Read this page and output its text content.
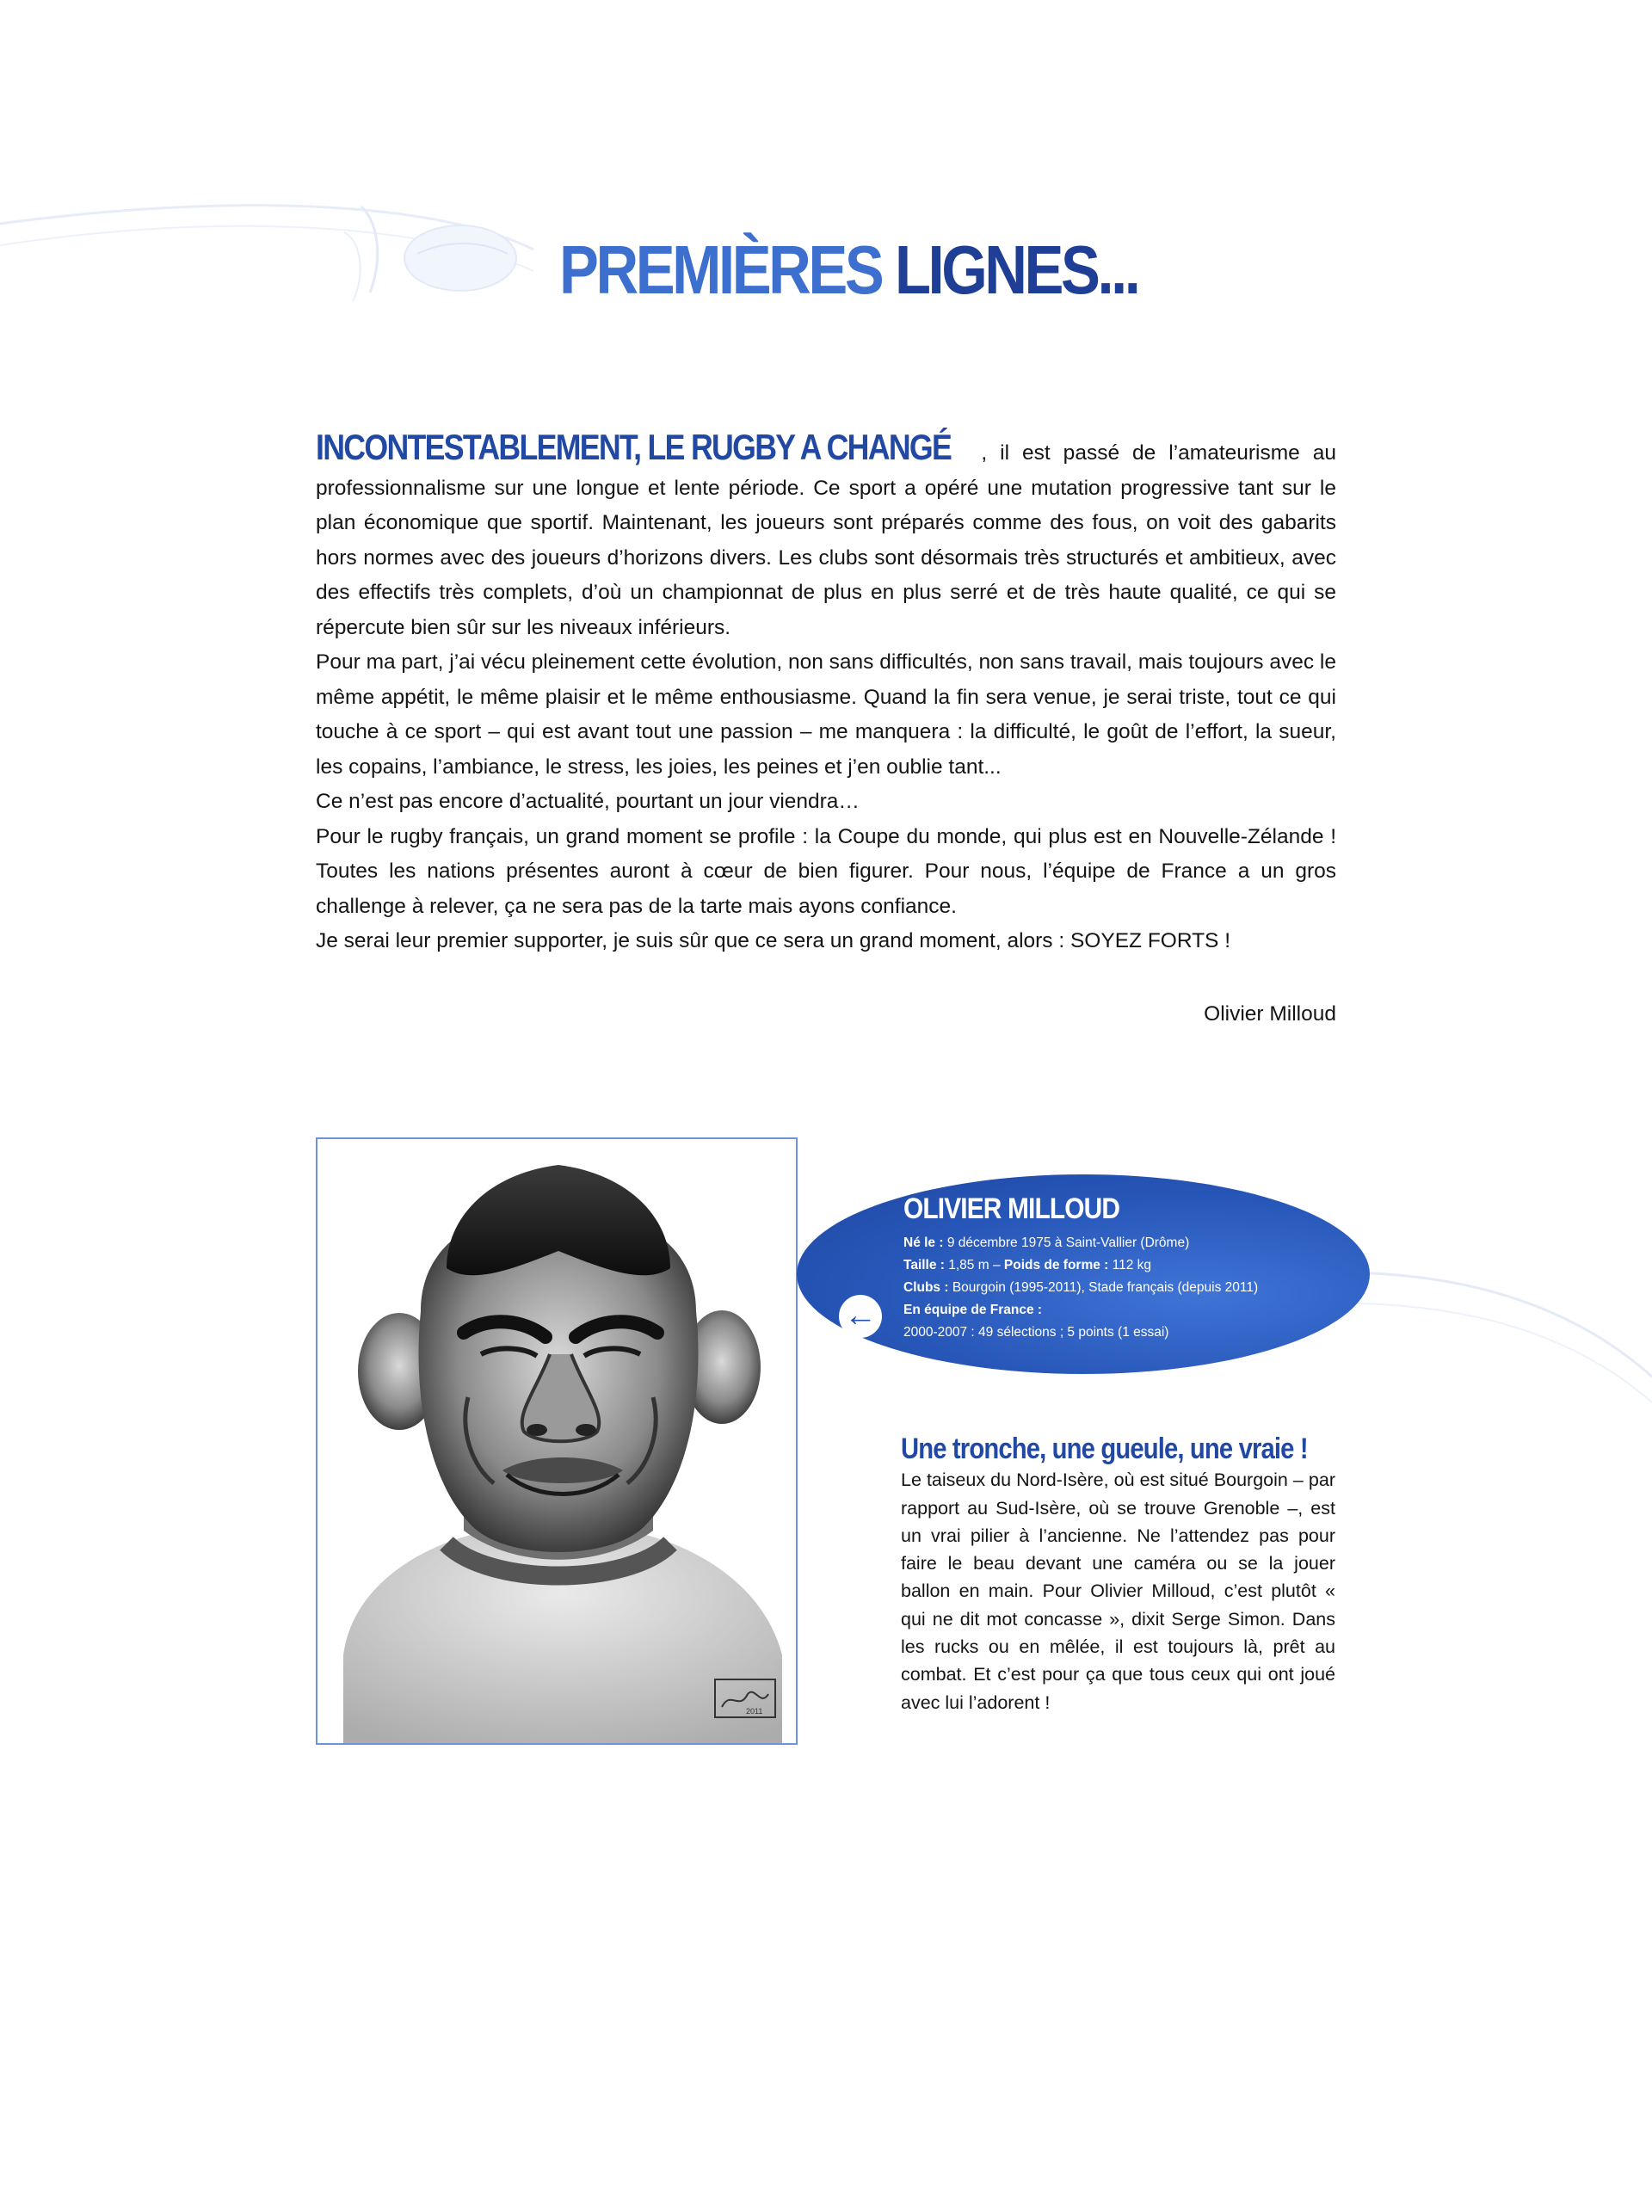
PREMIÈRES LIGNES...

INCONTESTABLEMENT, LE RUGBY A CHANGÉ , il est passé de l’amateurisme au professionnalisme sur une longue et lente période. Ce sport a opéré une mutation progressive tant sur le plan économique que sportif. Maintenant, les joueurs sont préparés comme des fous, on voit des gabarits hors normes avec des joueurs d’horizons divers. Les clubs sont désormais très structurés et ambitieux, avec des effectifs très complets, d’où un championnat de plus en plus serré et de très haute qualité, ce qui se répercute bien sûr sur les niveaux inférieurs.

Pour ma part, j’ai vécu pleinement cette évolution, non sans difficultés, non sans travail, mais toujours avec le même appétit, le même plaisir et le même enthousiasme. Quand la fin sera venue, je serai triste, tout ce qui touche à ce sport – qui est avant tout une passion – me manquera : la difficulté, le goût de l’effort, la sueur, les copains, l’ambiance, le stress, les joies, les peines et j’en oublie tant...

Ce n’est pas encore d’actualité, pourtant un jour viendra…

Pour le rugby français, un grand moment se profile : la Coupe du monde, qui plus est en Nouvelle-Zélande ! Toutes les nations présentes auront à cœur de bien figurer. Pour nous, l’équipe de France a un gros challenge à relever, ça ne sera pas de la tarte mais ayons confiance.

Je serai leur premier supporter, je suis sûr que ce sera un grand moment, alors : SOYEZ FORTS !

Olivier Milloud
2011
←
OLIVIER MILLOUD
Né le : 9 décembre 1975 à Saint-Vallier (Drôme)
Taille : 1,85 m – Poids de forme : 112 kg
Clubs : Bourgoin (1995-2011), Stade français (depuis 2011)
En équipe de France :
2000-2007 : 49 sélections ; 5 points (1 essai)
Une tronche, une gueule, une vraie ! Le taiseux du Nord-Isère, où est situé Bourgoin – par rapport au Sud-Isère, où se trouve Grenoble –, est un vrai pilier à l’ancienne. Ne l’attendez pas pour faire le beau devant une caméra ou se la jouer ballon en main. Pour Olivier Milloud, c’est plutôt « qui ne dit mot concasse », dixit Serge Simon. Dans les rucks ou en mêlée, il est toujours là, prêt au combat. Et c’est pour ça que tous ceux qui ont joué avec lui l’adorent !
